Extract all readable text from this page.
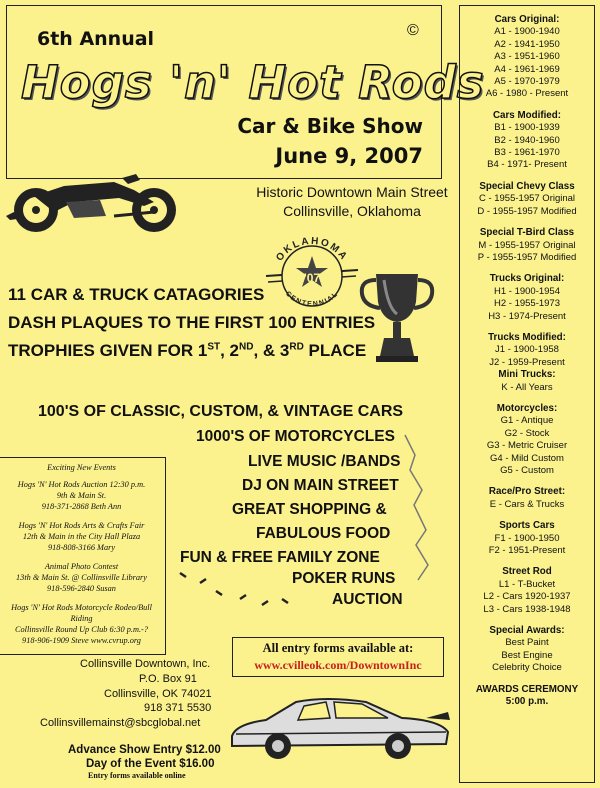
6th Annual	©
Hogs 'n' Hot Rods
Car & Bike Show
June 9, 2007
Historic Downtown Main Street
Collinsville, Oklahoma
OKLAHOMA
CENTENNIAL
'07
11 CAR & TRUCK CATAGORIES
DASH PLAQUES TO THE FIRST 100 ENTRIES
TROPHIES GIVEN FOR 1ST, 2ND, & 3RD PLACE
100'S OF CLASSIC, CUSTOM, & VINTAGE CARS
1000'S OF MOTORCYCLES
LIVE MUSIC /BANDS
DJ ON MAIN STREET
GREAT SHOPPING &
FABULOUS FOOD
FUN & FREE FAMILY ZONE
POKER RUNS
AUCTION
Exciting New Events
Hogs 'N' Hot Rods Auction 12:30 p.m.
9th & Main St.
918-371-2868 Beth Ann
Hogs 'N' Hot Rods Arts & Crafts Fair
12th & Main in the City Hall Plaza
918-808-3166 Mary
Animal Photo Contest
13th & Main St. @ Collinsville Library
918-596-2840 Susan
Hogs 'N' Hot Rods Motorcycle Rodeo/Bull
Riding
Collinsville Round Up Club 6:30 p.m.-?
918-906-1909 Steve www.cvrup.org
Collinsville Downtown, Inc.
P.O. Box 91
Collinsville, OK 74021
918 371 5530
Collinsvillemainst@sbcglobal.net
All entry forms available at:
www.cvilleok.com/DowntownInc
Advance Show Entry $12.00
Day of the Event $16.00
Entry forms available online
Cars Original:
A1 - 1900-1940
A2 - 1941-1950
A3 - 1951-1960
A4 - 1961-1969
A5 - 1970-1979
A6 - 1980 - Present
Cars Modified:
B1 - 1900-1939
B2 - 1940-1960
B3 - 1961-1970
B4 - 1971- Present
Special Chevy Class
C - 1955-1957 Original
D - 1955-1957 Modified
Special T-Bird Class
M - 1955-1957 Original
P - 1955-1957 Modified
Trucks Original:
H1 - 1900-1954
H2 - 1955-1973
H3 - 1974-Present
Trucks Modified:
J1 - 1900-1958
J2 - 1959-Present
Mini Trucks:
K - All Years
Motorcycles:
G1 - Antique
G2 - Stock
G3 - Metric Cruiser
G4 - Mild Custom
G5 - Custom
Race/Pro Street:
E - Cars & Trucks
Sports Cars
F1 - 1900-1950
F2 - 1951-Present
Street Rod
L1 - T-Bucket
L2 - Cars 1920-1937
L3 - Cars 1938-1948
Special Awards:
Best Paint
Best Engine
Celebrity Choice
AWARDS CEREMONY
5:00 p.m.
